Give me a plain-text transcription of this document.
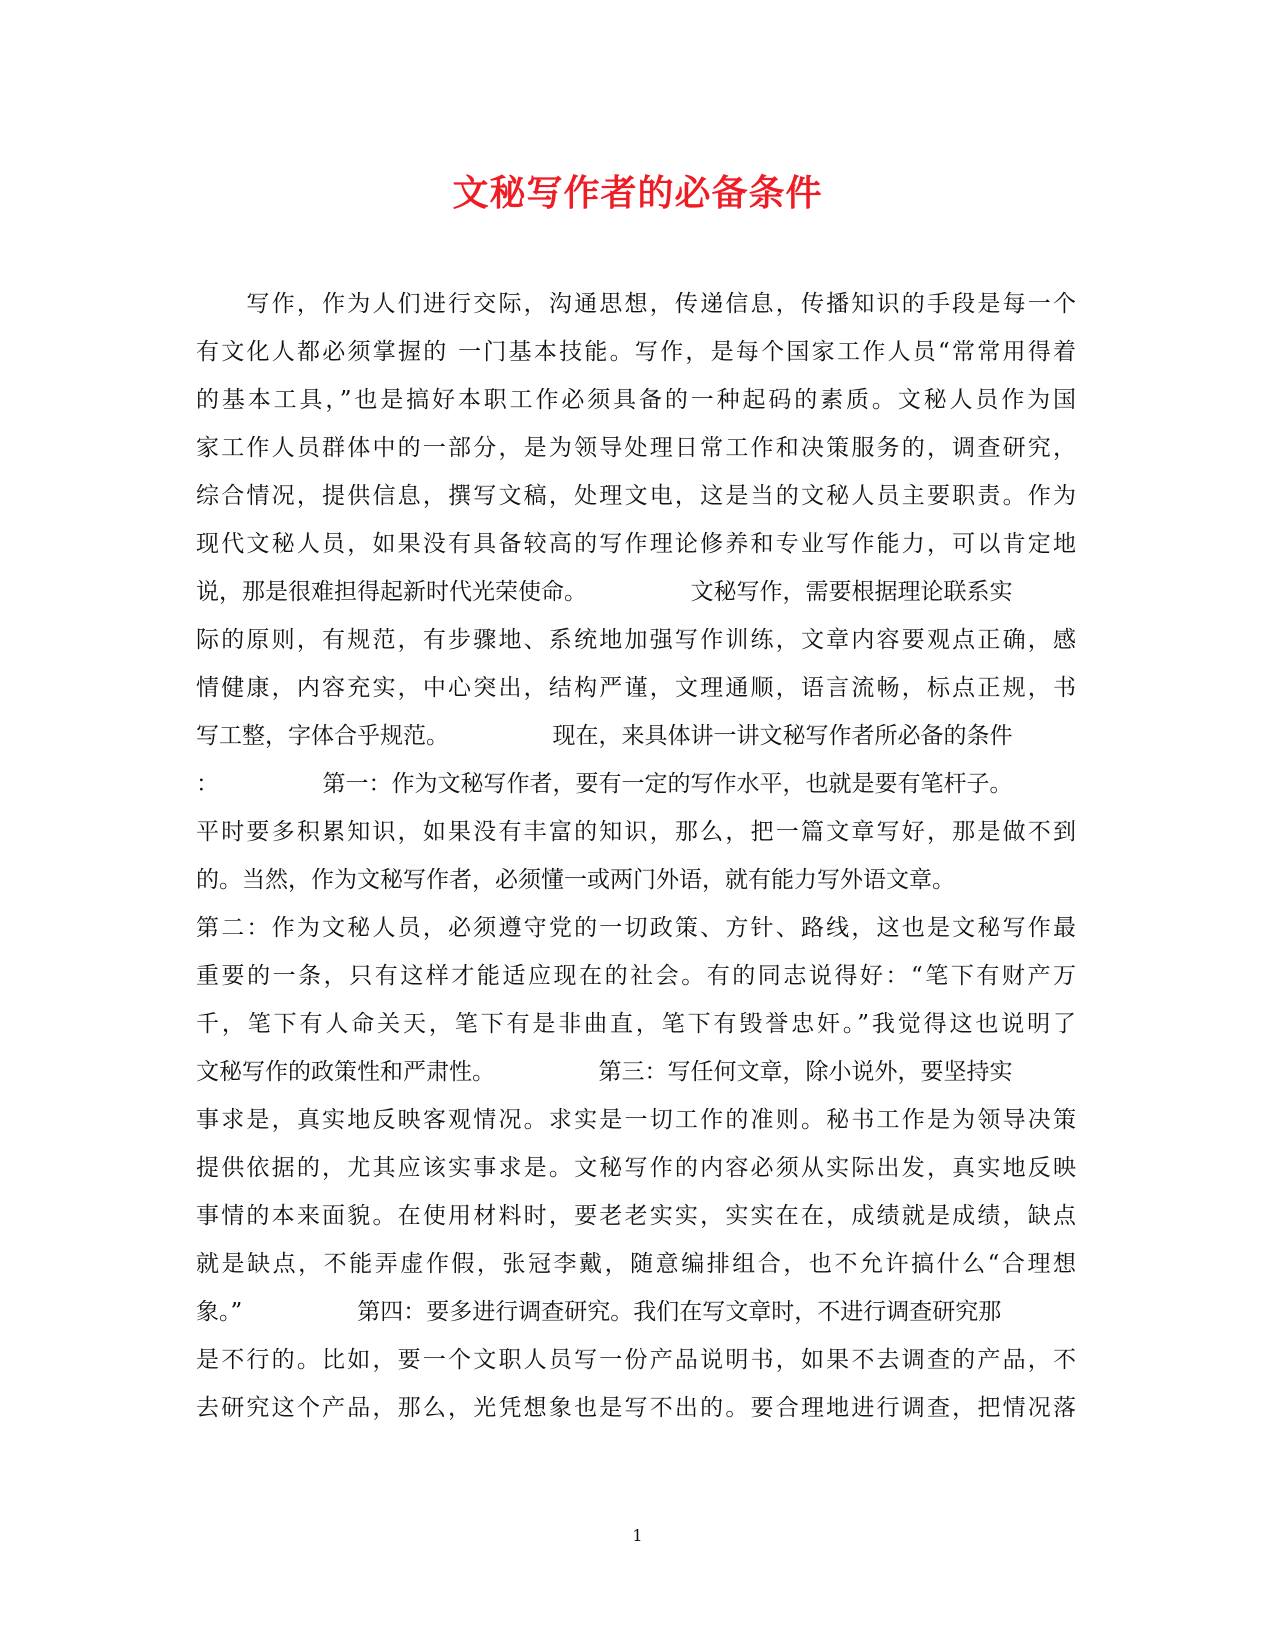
文秘写作者的必备条件
　　写作，作为人们进行交际，沟通思想，传递信息，传播知识的手段是每一个
有文化人都必须掌握的 一门基本技能。写作，是每个国家工作人员“常常用得着
的基本工具，”也是搞好本职工作必须具备的一种起码的素质。文秘人员作为国
家工作人员群体中的一部分，是为领导处理日常工作和决策服务的，调查研究，
综合情况，提供信息，撰写文稿，处理文电，这是当的文秘人员主要职责。作为
现代文秘人员，如果没有具备较高的写作理论修养和专业写作能力，可以肯定地
说，那是很难担得起新时代光荣使命。　　　　　文秘写作，需要根据理论联系实
际的原则，有规范，有步骤地、系统地加强写作训练，文章内容要观点正确，感
情健康，内容充实，中心突出，结构严谨，文理通顺，语言流畅，标点正规，书
写工整，字体合乎规范。　　　　　现在，来具体讲一讲文秘写作者所必备的条件
：　　　　　第一：作为文秘写作者，要有一定的写作水平，也就是要有笔杆子。
平时要多积累知识，如果没有丰富的知识，那么，把一篇文章写好，那是做不到
的。当然，作为文秘写作者，必须懂一或两门外语，就有能力写外语文章。
第二：作为文秘人员，必须遵守党的一切政策、方针、路线，这也是文秘写作最
重要的一条，只有这样才能适应现在的社会。有的同志说得好：“笔下有财产万
千，笔下有人命关天，笔下有是非曲直，笔下有毁誉忠奸。”我觉得这也说明了
文秘写作的政策性和严肃性。　　　　　第三：写任何文章，除小说外，要坚持实
事求是，真实地反映客观情况。求实是一切工作的准则。秘书工作是为领导决策
提供依据的，尤其应该实事求是。文秘写作的内容必须从实际出发，真实地反映
事情的本来面貌。在使用材料时，要老老实实，实实在在，成绩就是成绩，缺点
就是缺点，不能弄虚作假，张冠李戴，随意编排组合，也不允许搞什么“合理想
象。”　　　　　第四：要多进行调查研究。我们在写文章时，不进行调查研究那
是不行的。比如，要一个文职人员写一份产品说明书，如果不去调查的产品，不
去研究这个产品，那么，光凭想象也是写不出的。要合理地进行调查，把情况落
1
